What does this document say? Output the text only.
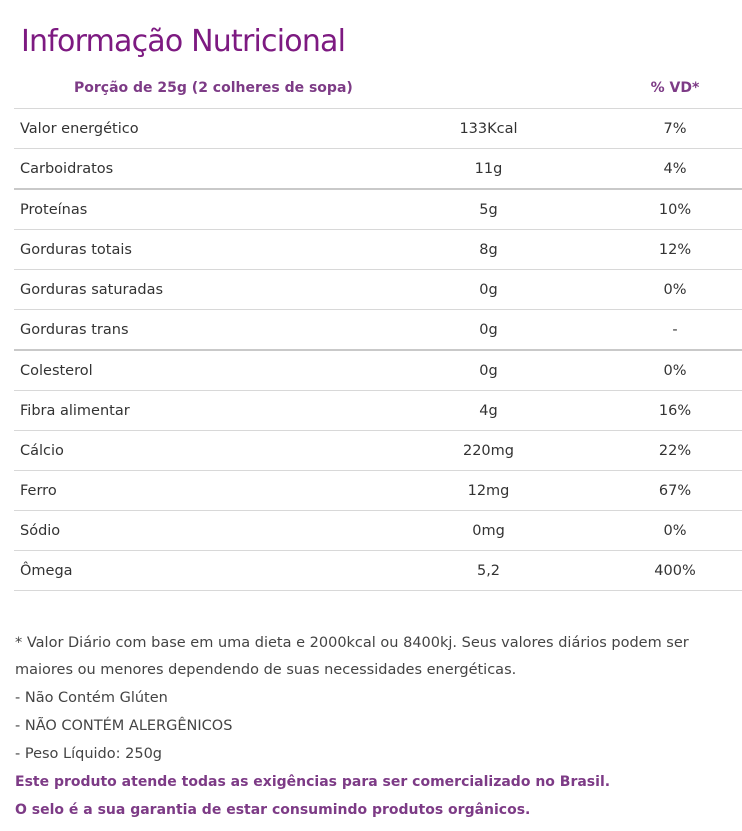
Informação Nutricional
Porção de 25g (2 colheres de sopa)		% VD*
Valor energético	133Kcal	7%
Carboidratos	11g	4%
Proteínas	5g	10%
Gorduras totais	8g	12%
Gorduras saturadas	0g	0%
Gorduras trans	0g	-
Colesterol	0g	0%
Fibra alimentar	4g	16%
Cálcio	220mg	22%
Ferro	12mg	67%
Sódio	0mg	0%
Ômega	5,2	400%

* Valor Diário com base em uma dieta e 2000kcal ou 8400kj. Seus valores diários podem ser maiores ou menores dependendo de suas necessidades energéticas.

- Não Contém Glúten

- NÃO CONTÉM ALERGÊNICOS

- Peso Líquido: 250g

Este produto atende todas as exigências para ser comercializado no Brasil.

O selo é a sua garantia de estar consumindo produtos orgânicos.
